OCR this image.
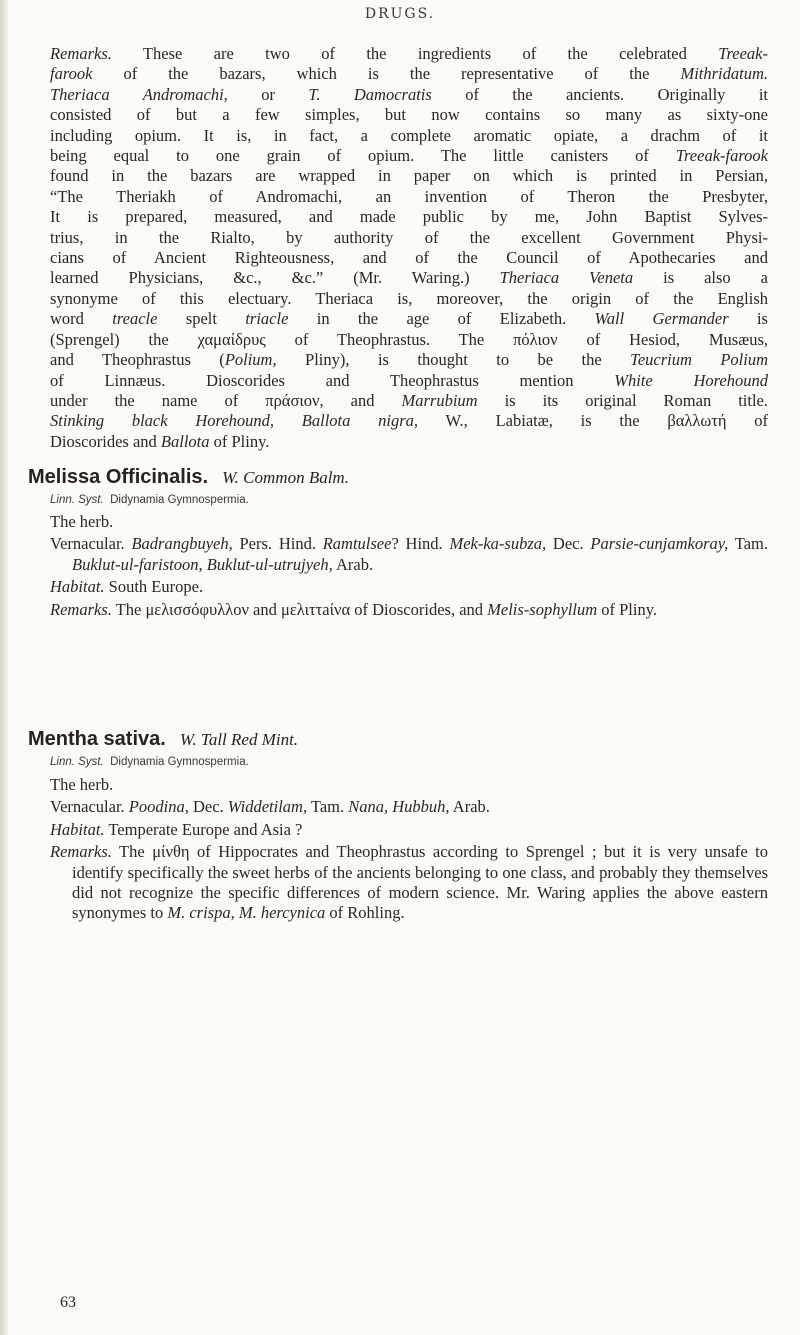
DRUGS.

Remarks. These are two of the ingredients of the celebrated Treeak-

farook of the bazars, which is the representative of the Mithridatum.

Theriaca Andromachi, or T. Damocratis of the ancients. Originally it

consisted of but a few simples, but now contains so many as sixty-one

including opium. It is, in fact, a complete aromatic opiate, a drachm of it

being equal to one grain of opium. The little canisters of Treeak-farook

found in the bazars are wrapped in paper on which is printed in Persian,

“The Theriakh of Andromachi, an invention of Theron the Presbyter,

It is prepared, measured, and made public by me, John Baptist Sylves-

trius, in the Rialto, by authority of the excellent Government Physi-

cians of Ancient Righteousness, and of the Council of Apothecaries and

learned Physicians, &c., &c.” (Mr. Waring.) Theriaca Veneta is also a

synonyme of this electuary. Theriaca is, moreover, the origin of the English

word treacle spelt triacle in the age of Elizabeth. Wall Germander is

(Sprengel) the χαμαίδρυς of Theophrastus. The πόλιον of Hesiod, Musæus,

and Theophrastus (Polium, Pliny), is thought to be the Teucrium Polium

of Linnæus. Dioscorides and Theophrastus mention White Horehound

under the name of πράσιον, and Marrubium is its original Roman title.

Stinking black Horehound, Ballota nigra, W., Labiatæ, is the βαλλωτή of

Dioscorides and Ballota of Pliny.

Melissa Officinalis. W. Common Balm.
Linn. Syst. Didynamia Gymnospermia.

The herb.

Vernacular. Badrangbuyeh, Pers. Hind. Ramtulsee? Hind. Mek-ka-subza, Dec. Parsie-cunjamkoray, Tam. Buklut-ul-faristoon, Buklut-ul-utrujyeh, Arab.

Habitat. South Europe.

Remarks. The μελισσόφυλλον and μελιττaίνα of Dioscorides, and Melis-sophyllum of Pliny.

Mentha sativa. W. Tall Red Mint.
Linn. Syst. Didynamia Gymnospermia.

The herb.

Vernacular. Poodina, Dec. Widdetilam, Tam. Nana, Hubbuh, Arab.

Habitat. Temperate Europe and Asia ?

Remarks. The μίνθη of Hippocrates and Theophrastus according to Sprengel ; but it is very unsafe to identify specifically the sweet herbs of the ancients belonging to one class, and probably they themselves did not recognize the specific differences of modern science. Mr. Waring applies the above eastern synonymes to M. crispa, M. hercynica of Rohling.

63
